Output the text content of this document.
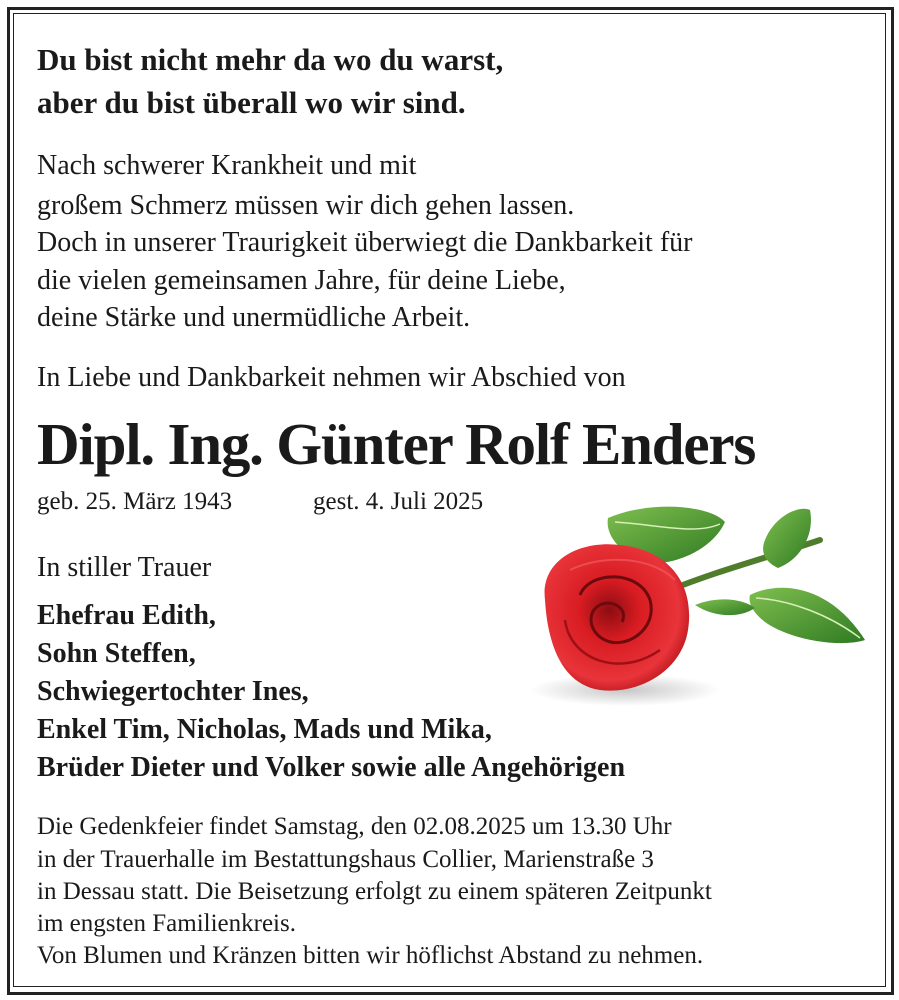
Du bist nicht mehr da wo du warst,
aber du bist überall wo wir sind.
Nach schwerer Krankheit und mit
großem Schmerz müssen wir dich gehen lassen.
Doch in unserer Traurigkeit überwiegt die Dankbarkeit für
die vielen gemeinsamen Jahre, für deine Liebe,
deine Stärke und unermüdliche Arbeit.
In Liebe und Dankbarkeit nehmen wir Abschied von
Dipl. Ing. Günter Rolf Enders
geb. 25. März 1943	gest. 4. Juli 2025
In stiller Trauer
Ehefrau Edith,
Sohn Steffen,
Schwiegertochter Ines,
Enkel Tim, Nicholas, Mads und Mika,
Brüder Dieter und Volker sowie alle Angehörigen
Die Gedenkfeier findet Samstag, den 02.08.2025 um 13.30 Uhr
in der Trauerhalle im Bestattungshaus Collier, Marienstraße 3
in Dessau statt. Die Beisetzung erfolgt zu einem späteren Zeitpunkt
im engsten Familienkreis.
Von Blumen und Kränzen bitten wir höflichst Abstand zu nehmen.
